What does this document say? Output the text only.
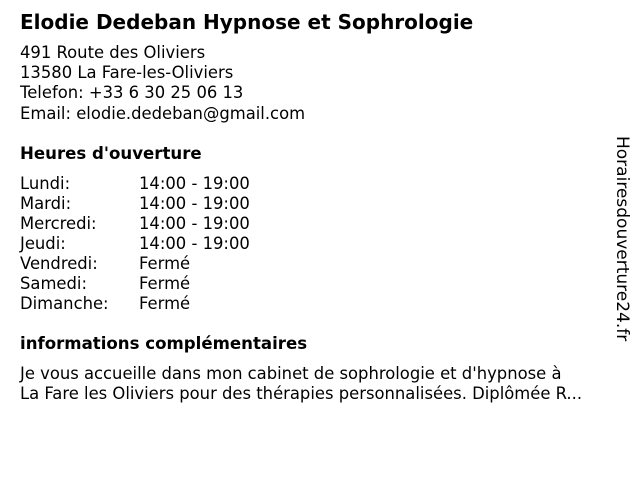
Elodie Dedeban Hypnose et Sophrologie
491 Route des Oliviers
13580 La Fare-les-Oliviers
Telefon: +33 6 30 25 06 13
Email: elodie.dedeban@gmail.com
Heures d'ouverture
Lundi:	14:00 - 19:00
Mardi:	14:00 - 19:00
Mercredi:	14:00 - 19:00
Jeudi:	14:00 - 19:00
Vendredi:	Fermé
Samedi:	Fermé
Dimanche: Fermé
informations complémentaires
Je vous accueille dans mon cabinet de sophrologie et d'hypnose à
La Fare les Oliviers pour des thérapies personnalisées. Diplômée R...
Horairesdouverture24.fr
